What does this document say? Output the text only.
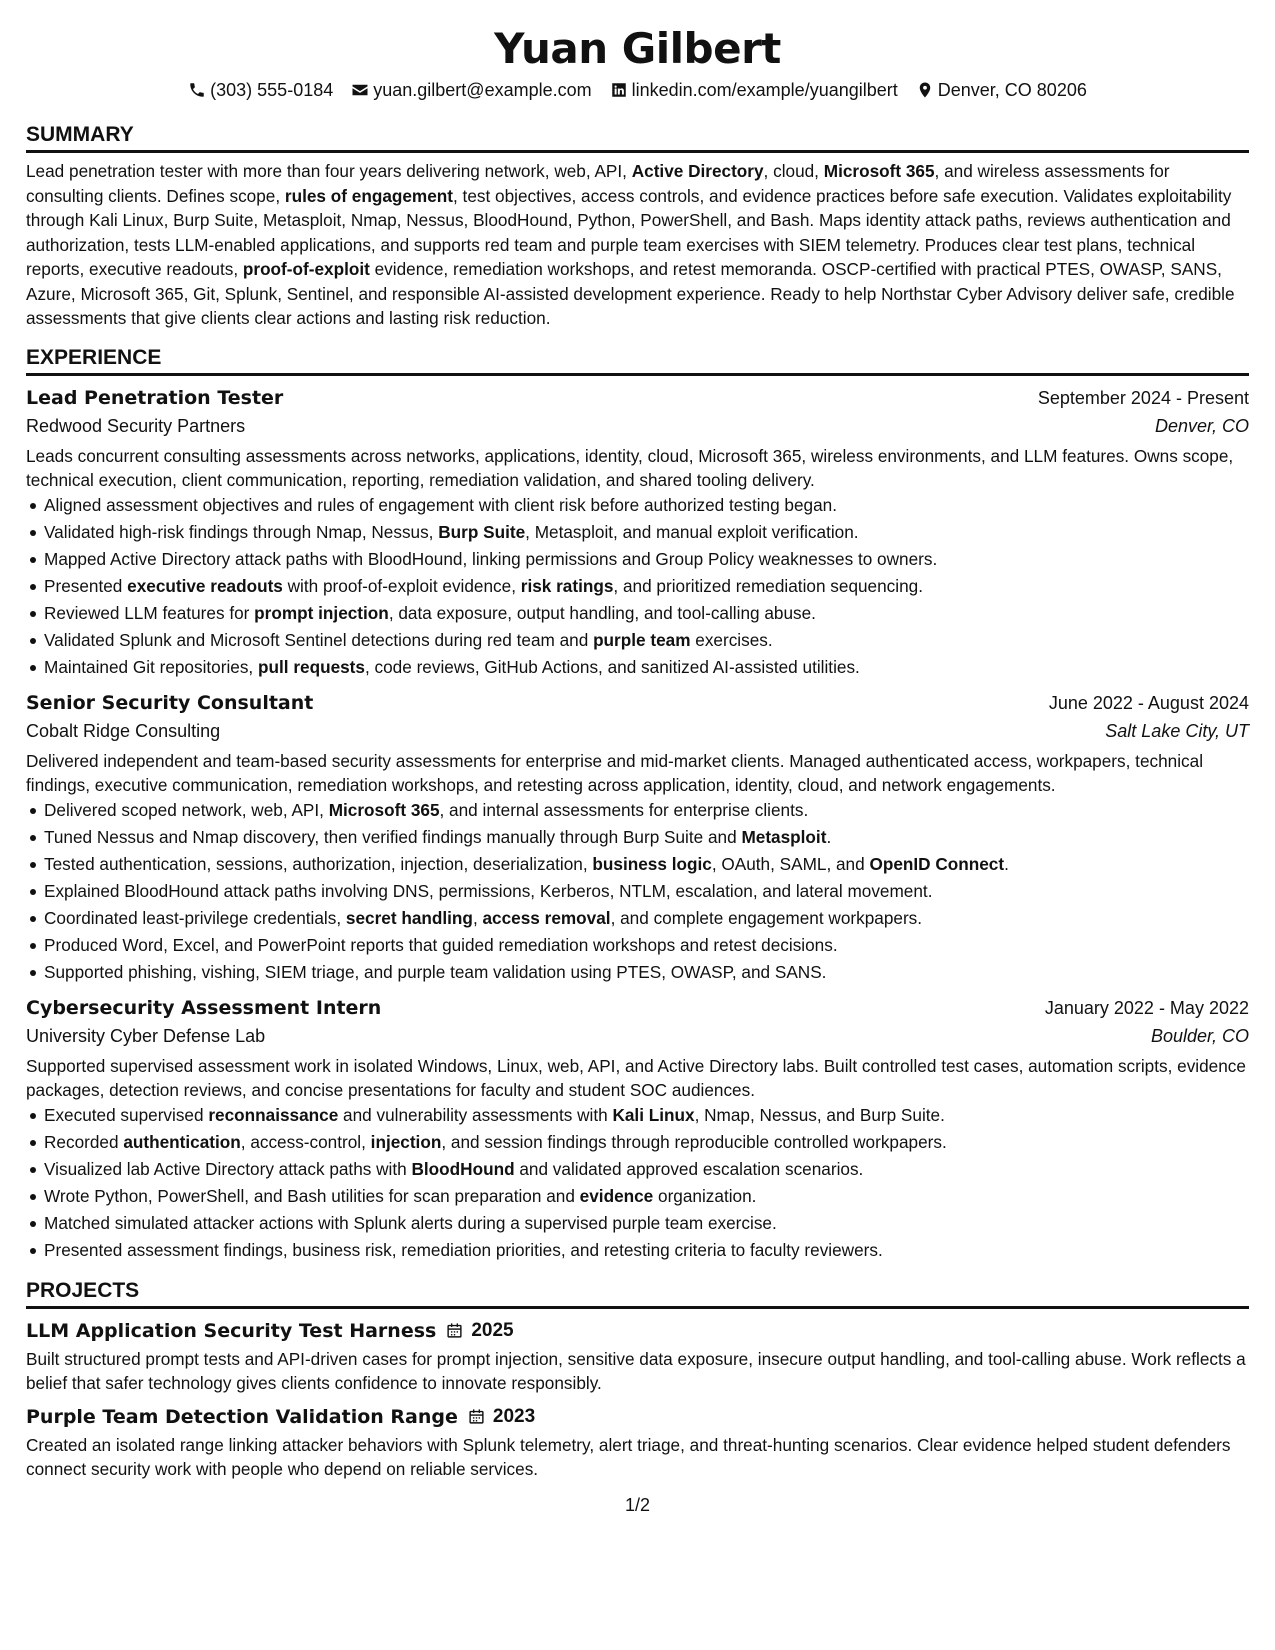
Yuan Gilbert
(303) 555-0184 yuan.gilbert@example.com linkedin.com/example/yuangilbert Denver, CO 80206
SUMMARY
Lead penetration tester with more than four years delivering network, web, API, Active Directory, cloud, Microsoft 365, and wireless assessments for consulting clients. Defines scope, rules of engagement, test objectives, access controls, and evidence practices before safe execution. Validates exploitability through Kali Linux, Burp Suite, Metasploit, Nmap, Nessus, BloodHound, Python, PowerShell, and Bash. Maps identity attack paths, reviews authentication and authorization, tests LLM-enabled applications, and supports red team and purple team exercises with SIEM telemetry. Produces clear test plans, technical reports, executive readouts, proof-of-exploit evidence, remediation workshops, and retest memoranda. OSCP-certified with practical PTES, OWASP, SANS, Azure, Microsoft 365, Git, Splunk, Sentinel, and responsible AI-assisted development experience. Ready to help Northstar Cyber Advisory deliver safe, credible assessments that give clients clear actions and lasting risk reduction.
EXPERIENCE
Lead Penetration Tester	September 2024 - Present
Redwood Security Partners	Denver, CO
Leads concurrent consulting assessments across networks, applications, identity, cloud, Microsoft 365, wireless environments, and LLM features. Owns scope, technical execution, client communication, reporting, remediation validation, and shared tooling delivery.
Aligned assessment objectives and rules of engagement with client risk before authorized testing began.
Validated high-risk findings through Nmap, Nessus, Burp Suite, Metasploit, and manual exploit verification.
Mapped Active Directory attack paths with BloodHound, linking permissions and Group Policy weaknesses to owners.
Presented executive readouts with proof-of-exploit evidence, risk ratings, and prioritized remediation sequencing.
Reviewed LLM features for prompt injection, data exposure, output handling, and tool-calling abuse.
Validated Splunk and Microsoft Sentinel detections during red team and purple team exercises.
Maintained Git repositories, pull requests, code reviews, GitHub Actions, and sanitized AI-assisted utilities.
Senior Security Consultant	June 2022 - August 2024
Cobalt Ridge Consulting	Salt Lake City, UT
Delivered independent and team-based security assessments for enterprise and mid-market clients. Managed authenticated access, workpapers, technical findings, executive communication, remediation workshops, and retesting across application, identity, cloud, and network engagements.
Delivered scoped network, web, API, Microsoft 365, and internal assessments for enterprise clients.
Tuned Nessus and Nmap discovery, then verified findings manually through Burp Suite and Metasploit.
Tested authentication, sessions, authorization, injection, deserialization, business logic, OAuth, SAML, and OpenID Connect.
Explained BloodHound attack paths involving DNS, permissions, Kerberos, NTLM, escalation, and lateral movement.
Coordinated least-privilege credentials, secret handling, access removal, and complete engagement workpapers.
Produced Word, Excel, and PowerPoint reports that guided remediation workshops and retest decisions.
Supported phishing, vishing, SIEM triage, and purple team validation using PTES, OWASP, and SANS.
Cybersecurity Assessment Intern	January 2022 - May 2022
University Cyber Defense Lab	Boulder, CO
Supported supervised assessment work in isolated Windows, Linux, web, API, and Active Directory labs. Built controlled test cases, automation scripts, evidence packages, detection reviews, and concise presentations for faculty and student SOC audiences.
Executed supervised reconnaissance and vulnerability assessments with Kali Linux, Nmap, Nessus, and Burp Suite.
Recorded authentication, access-control, injection, and session findings through reproducible controlled workpapers.
Visualized lab Active Directory attack paths with BloodHound and validated approved escalation scenarios.
Wrote Python, PowerShell, and Bash utilities for scan preparation and evidence organization.
Matched simulated attacker actions with Splunk alerts during a supervised purple team exercise.
Presented assessment findings, business risk, remediation priorities, and retesting criteria to faculty reviewers.
PROJECTS
LLM Application Security Test Harness 2025
Built structured prompt tests and API-driven cases for prompt injection, sensitive data exposure, insecure output handling, and tool-calling abuse. Work reflects a belief that safer technology gives clients confidence to innovate responsibly.
Purple Team Detection Validation Range 2023
Created an isolated range linking attacker behaviors with Splunk telemetry, alert triage, and threat-hunting scenarios. Clear evidence helped student defenders connect security work with people who depend on reliable services.
1/2
